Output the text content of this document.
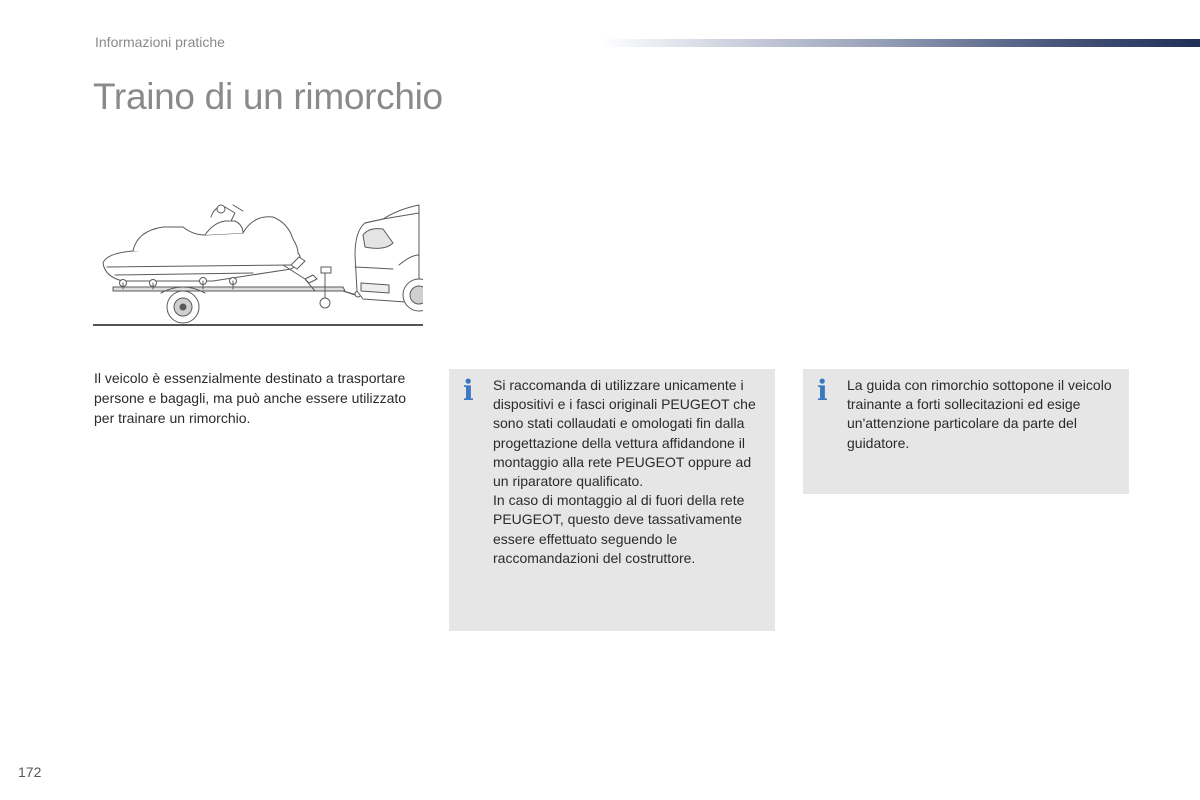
Informazioni pratiche
Traino di un rimorchio

Il veicolo è essenzialmente destinato a trasportare persone e bagagli, ma può anche essere utilizzato per trainare un rimorchio.

i Si raccomanda di utilizzare unicamente i dispositivi e i fasci originali PEUGEOT che sono stati collaudati e omologati fin dalla progettazione della vettura affidandone il montaggio alla rete PEUGEOT oppure ad un riparatore qualificato.

In caso di montaggio al di fuori della rete PEUGEOT, questo deve tassativamente essere effettuato seguendo le raccomandazioni del costruttore.

i La guida con rimorchio sottopone il veicolo trainante a forti sollecitazioni ed esige un'attenzione particolare da parte del guidatore.

172
